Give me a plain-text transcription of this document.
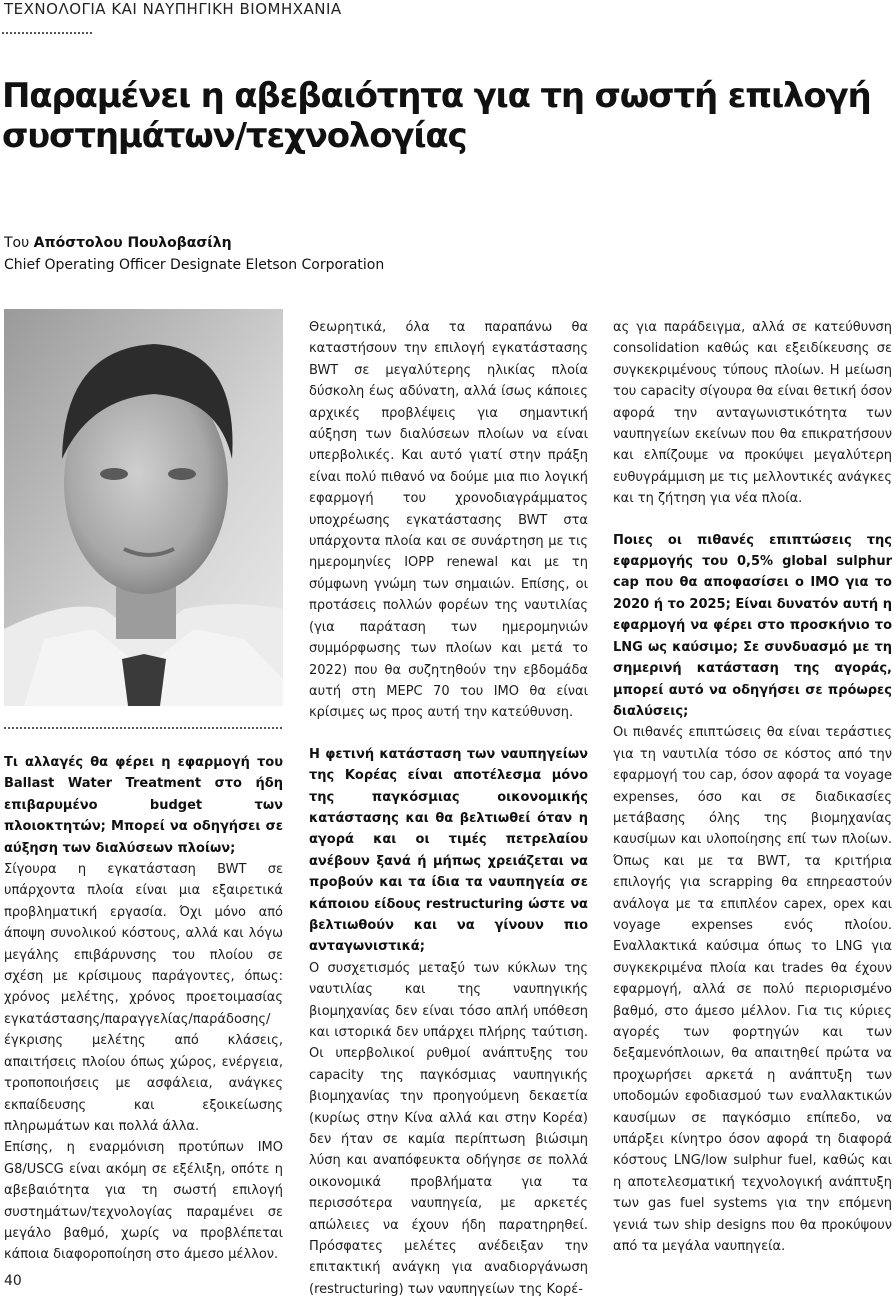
ΤΕΧΝΟΛΟΓΙΑ ΚΑΙ ΝΑΥΠΗΓΙΚΗ ΒΙΟΜΗΧΑΝΙΑ
Παραμένει η αβεβαιότητα για τη σωστή επιλογή συστημάτων/τεχνολογίας
Του Απόστολου Πουλοβασίλη
Chief Operating Officer Designate Eletson Corporation

Τι αλλαγές θα φέρει η εφαρμογή του Ballast Water Treatment στο ήδη επιβαρυμένο budget των πλοιοκτητών; Μπορεί να οδηγήσει σε αύξηση των διαλύσεων πλοίων;

Σίγουρα η εγκατάσταση BWT σε υπάρχοντα πλοία είναι μια εξαιρετικά προβληματική εργασία. Όχι μόνο από άποψη συνολικού κόστους, αλλά και λόγω μεγάλης επιβάρυνσης του πλοίου σε σχέση με κρίσιμους παράγοντες, όπως: χρόνος μελέτης, χρόνος προετοιμασίας εγκατάστασης/παραγγελίας/παράδοσης/έγκρισης μελέτης από κλάσεις, απαιτήσεις πλοίου όπως χώρος, ενέργεια, τροποποιήσεις με ασφάλεια, ανάγκες εκπαίδευσης και εξοικείωσης πληρωμάτων και πολλά άλλα.

Επίσης, η εναρμόνιση προτύπων IMO G8/USCG είναι ακόμη σε εξέλιξη, οπότε η αβεβαιότητα για τη σωστή επιλογή συστημάτων/τεχνολογίας παραμένει σε μεγάλο βαθμό, χωρίς να προβλέπεται κάποια διαφοροποίηση στο άμεσο μέλλον.

Θεωρητικά, όλα τα παραπάνω θα καταστήσουν την επιλογή εγκατάστασης BWT σε μεγαλύτερης ηλικίας πλοία δύσκολη έως αδύνατη, αλλά ίσως κάποιες αρχικές προβλέψεις για σημαντική αύξηση των διαλύσεων πλοίων να είναι υπερβολικές. Και αυτό γιατί στην πράξη είναι πολύ πιθανό να δούμε μια πιο λογική εφαρμογή του χρονοδιαγράμματος υποχρέωσης εγκατάστασης BWT στα υπάρχοντα πλοία και σε συνάρτηση με τις ημερομηνίες IOPP renewal και με τη σύμφωνη γνώμη των σημαιών. Επίσης, οι προτάσεις πολλών φορέων της ναυτιλίας (για παράταση των ημερομηνιών συμμόρφωσης των πλοίων και μετά το 2022) που θα συζητηθούν την εβδομάδα αυτή στη MEPC 70 του IMO θα είναι κρίσιμες ως προς αυτή την κατεύθυνση.

Η φετινή κατάσταση των ναυπηγείων της Κορέας είναι αποτέλεσμα μόνο της παγκόσμιας οικονομικής κατάστασης και θα βελτιωθεί όταν η αγορά και οι τιμές πετρελαίου ανέβουν ξανά ή μήπως χρειάζεται να προβούν και τα ίδια τα ναυπηγεία σε κάποιου είδους restructuring ώστε να βελτιωθούν και να γίνουν πιο ανταγωνιστικά;

Ο συσχετισμός μεταξύ των κύκλων της ναυτιλίας και της ναυπηγικής βιομηχανίας δεν είναι τόσο απλή υπόθεση και ιστορικά δεν υπάρχει πλήρης ταύτιση. Οι υπερβολικοί ρυθμοί ανάπτυξης του capacity της παγκόσμιας ναυπηγικής βιομηχανίας την προηγούμενη δεκαετία (κυρίως στην Κίνα αλλά και στην Κορέα) δεν ήταν σε καμία περίπτωση βιώσιμη λύση και αναπόφευκτα οδήγησε σε πολλά οικονομικά προβλήματα για τα περισσότερα ναυπηγεία, με αρκετές απώλειες να έχουν ήδη παρατηρηθεί. Πρόσφατες μελέτες ανέδειξαν την επιτακτική ανάγκη για αναδιοργάνωση (restructuring) των ναυπηγείων της Κορέ-

ας για παράδειγμα, αλλά σε κατεύθυνση consolidation καθώς και εξειδίκευσης σε συγκεκριμένους τύπους πλοίων. Η μείωση του capacity σίγουρα θα είναι θετική όσον αφορά την ανταγωνιστικότητα των ναυπηγείων εκείνων που θα επικρατήσουν και ελπίζουμε να προκύψει μεγαλύτερη ευθυγράμμιση με τις μελλοντικές ανάγκες και τη ζήτηση για νέα πλοία.

Ποιες οι πιθανές επιπτώσεις της εφαρμογής του 0,5% global sulphur cap που θα αποφασίσει ο ΙΜΟ για το 2020 ή το 2025; Είναι δυνατόν αυτή η εφαρμογή να φέρει στο προσκήνιο το LNG ως καύσιμο; Σε συνδυασμό με τη σημερινή κατάσταση της αγοράς, μπορεί αυτό να οδηγήσει σε πρόωρες διαλύσεις;

Οι πιθανές επιπτώσεις θα είναι τεράστιες για τη ναυτιλία τόσο σε κόστος από την εφαρμογή του cap, όσον αφορά τα voyage expenses, όσο και σε διαδικασίες μετάβασης όλης της βιομηχανίας καυσίμων και υλοποίησης επί των πλοίων. Όπως και με τα BWT, τα κριτήρια επιλογής για scrapping θα επηρεαστούν ανάλογα με τα επιπλέον capex, opex και voyage expenses ενός πλοίου. Εναλλακτικά καύσιμα όπως το LNG για συγκεκριμένα πλοία και trades θα έχουν εφαρμογή, αλλά σε πολύ περιορισμένο βαθμό, στο άμεσο μέλλον. Για τις κύριες αγορές των φορτηγών και των δεξαμενόπλοιων, θα απαιτηθεί πρώτα να προχωρήσει αρκετά η ανάπτυξη των υποδομών εφοδιασμού των εναλλακτικών καυσίμων σε παγκόσμιο επίπεδο, να υπάρξει κίνητρο όσον αφορά τη διαφορά κόστους LNG/low sulphur fuel, καθώς και η αποτελεσματική τεχνολογική ανάπτυξη των gas fuel systems για την επόμενη γενιά των ship designs που θα προκύψουν από τα μεγάλα ναυπηγεία.

40
